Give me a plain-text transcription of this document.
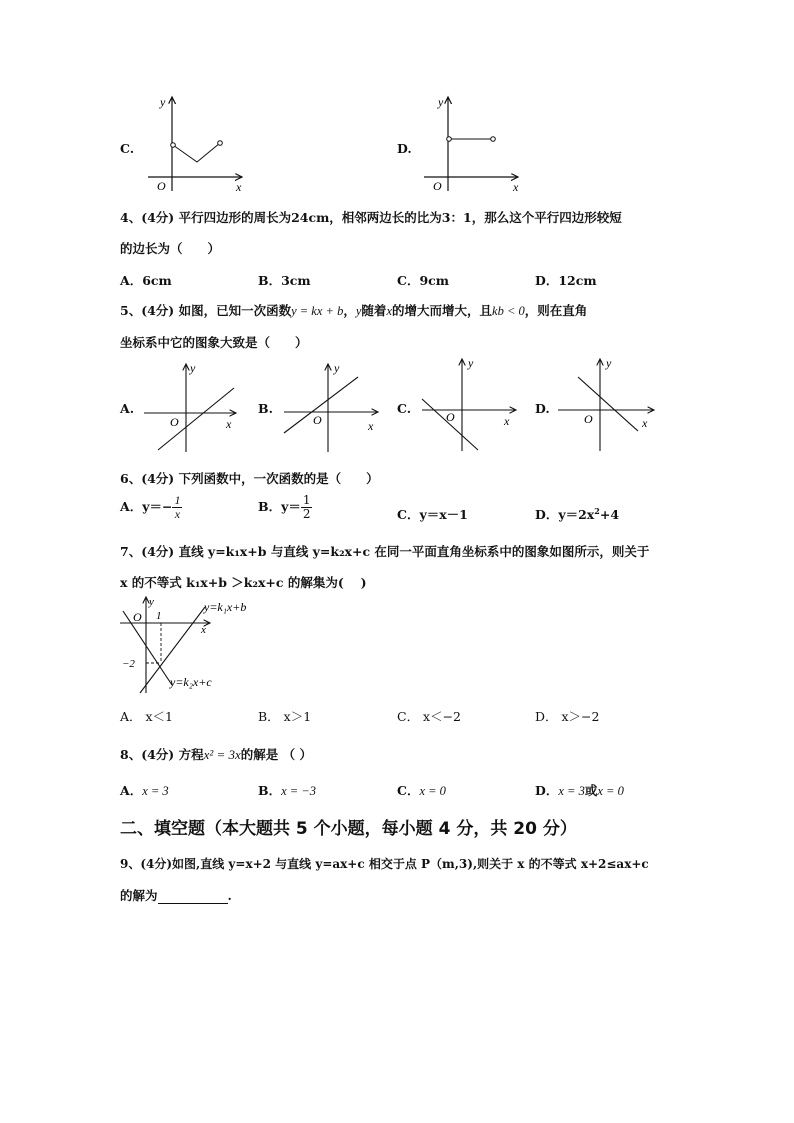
C.
y
x
O
D.
y
x
O
4、(4分) 平行四边形的周长为24cm，相邻两边长的比为3：1，那么这个平行四边形较短
的边长为（　　）
A．6cm	B．3cm	C．9cm	D．12cm
5、(4分) 如图，已知一次函数y = kx + b，y随着x的增大而增大，且kb < 0，则在直角
坐标系中它的图象大致是（　　）
A.
y
x
O
B.
y
x
O
C.
y
x
O
D.
y
x
O
6、(4分) 下列函数中，一次函数的是（　　）
A．$y=- \frac{1}{x}$	B．$y= \frac{1}{2}$	C．y＝x－1	D．$y=2x^2+4$
7、(4分) 直线 y=k₁x+b 与直线 y=k₂x+c 在同一平面直角坐标系中的图象如图所示，则关于
x 的不等式 k₁x+b ＞k₂x+c 的解集为(　 )
y
x
O 1
−2
y=k₁x+b
y=k₂x+c
A． x＜1	B． x＞1	C． x＜−2	D． x＞−2
8、(4分) 方程x² = 3x的解是 （ ）
A．x = 3	B．x = −3	C．x = 0	D．x = 3或x = 0
二、填空题（本大题共 5 个小题，每小题 4 分，共 20 分）
9、(4分)如图,直线 y=x+2 与直线 y=ax+c 相交于点 P（m,3),则关于 x 的不等式 x+2≤ax+c
的解为	.
